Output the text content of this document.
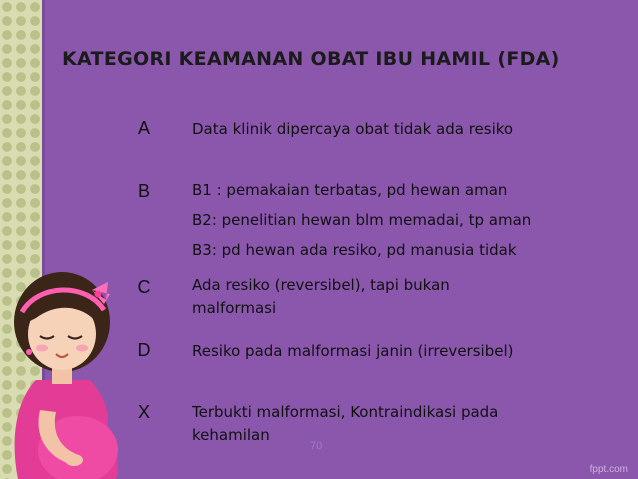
KATEGORI KEAMANAN OBAT IBU HAMIL (FDA)
A	Data klinik dipercaya obat tidak ada resiko
B	B1 : pemakaian terbatas, pd hewan aman
B2: penelitian hewan blm memadai, tp aman
B3: pd hewan ada resiko, pd manusia tidak
C	Ada resiko (reversibel), tapi bukan
malformasi
D	Resiko pada malformasi janin (irreversibel)
X	Terbukti malformasi, Kontraindikasi pada
kehamilan
70
fppt.com
